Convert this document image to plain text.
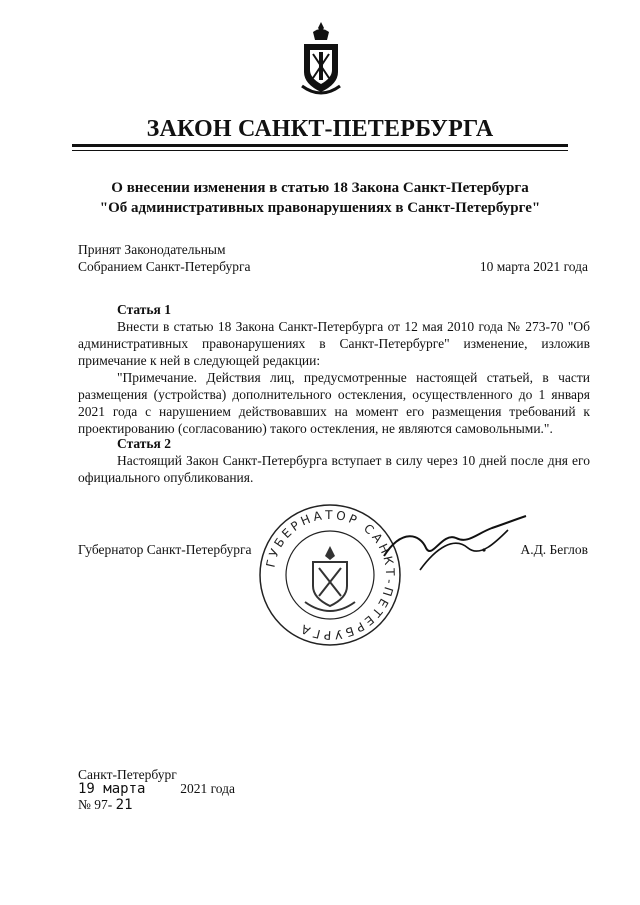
ЗАКОН САНКТ-ПЕТЕРБУРГА
О внесении изменения в статью 18 Закона Санкт-Петербурга
"Об административных правонарушениях в Санкт-Петербурге"
Принят Законодательным
Собранием Санкт-Петербурга	10 марта 2021 года
Статья 1

Внести в статью 18 Закона Санкт-Петербурга от 12 мая 2010 года № 273-70 "Об административных правонарушениях в Санкт-Петербурге" изменение, изложив примечание к ней в следующей редакции:

"Примечание. Действия лиц, предусмотренные настоящей статьей, в части размещения (устройства) дополнительного остекления, осуществленного до 1 января 2021 года с нарушением действовавших на момент его размещения требований к проектированию (согласованию) такого остекления, не являются самовольными.".

Статья 2

Настоящий Закон Санкт-Петербурга вступает в силу через 10 дней после дня его официального опубликования.

Губернатор Санкт-Петербурга	А.Д. Беглов
ГУБЕРНАТОР САНКТ-ПЕТЕРБУРГА
Санкт-Петербург
19 марта	2021 года
№ 97- 21
